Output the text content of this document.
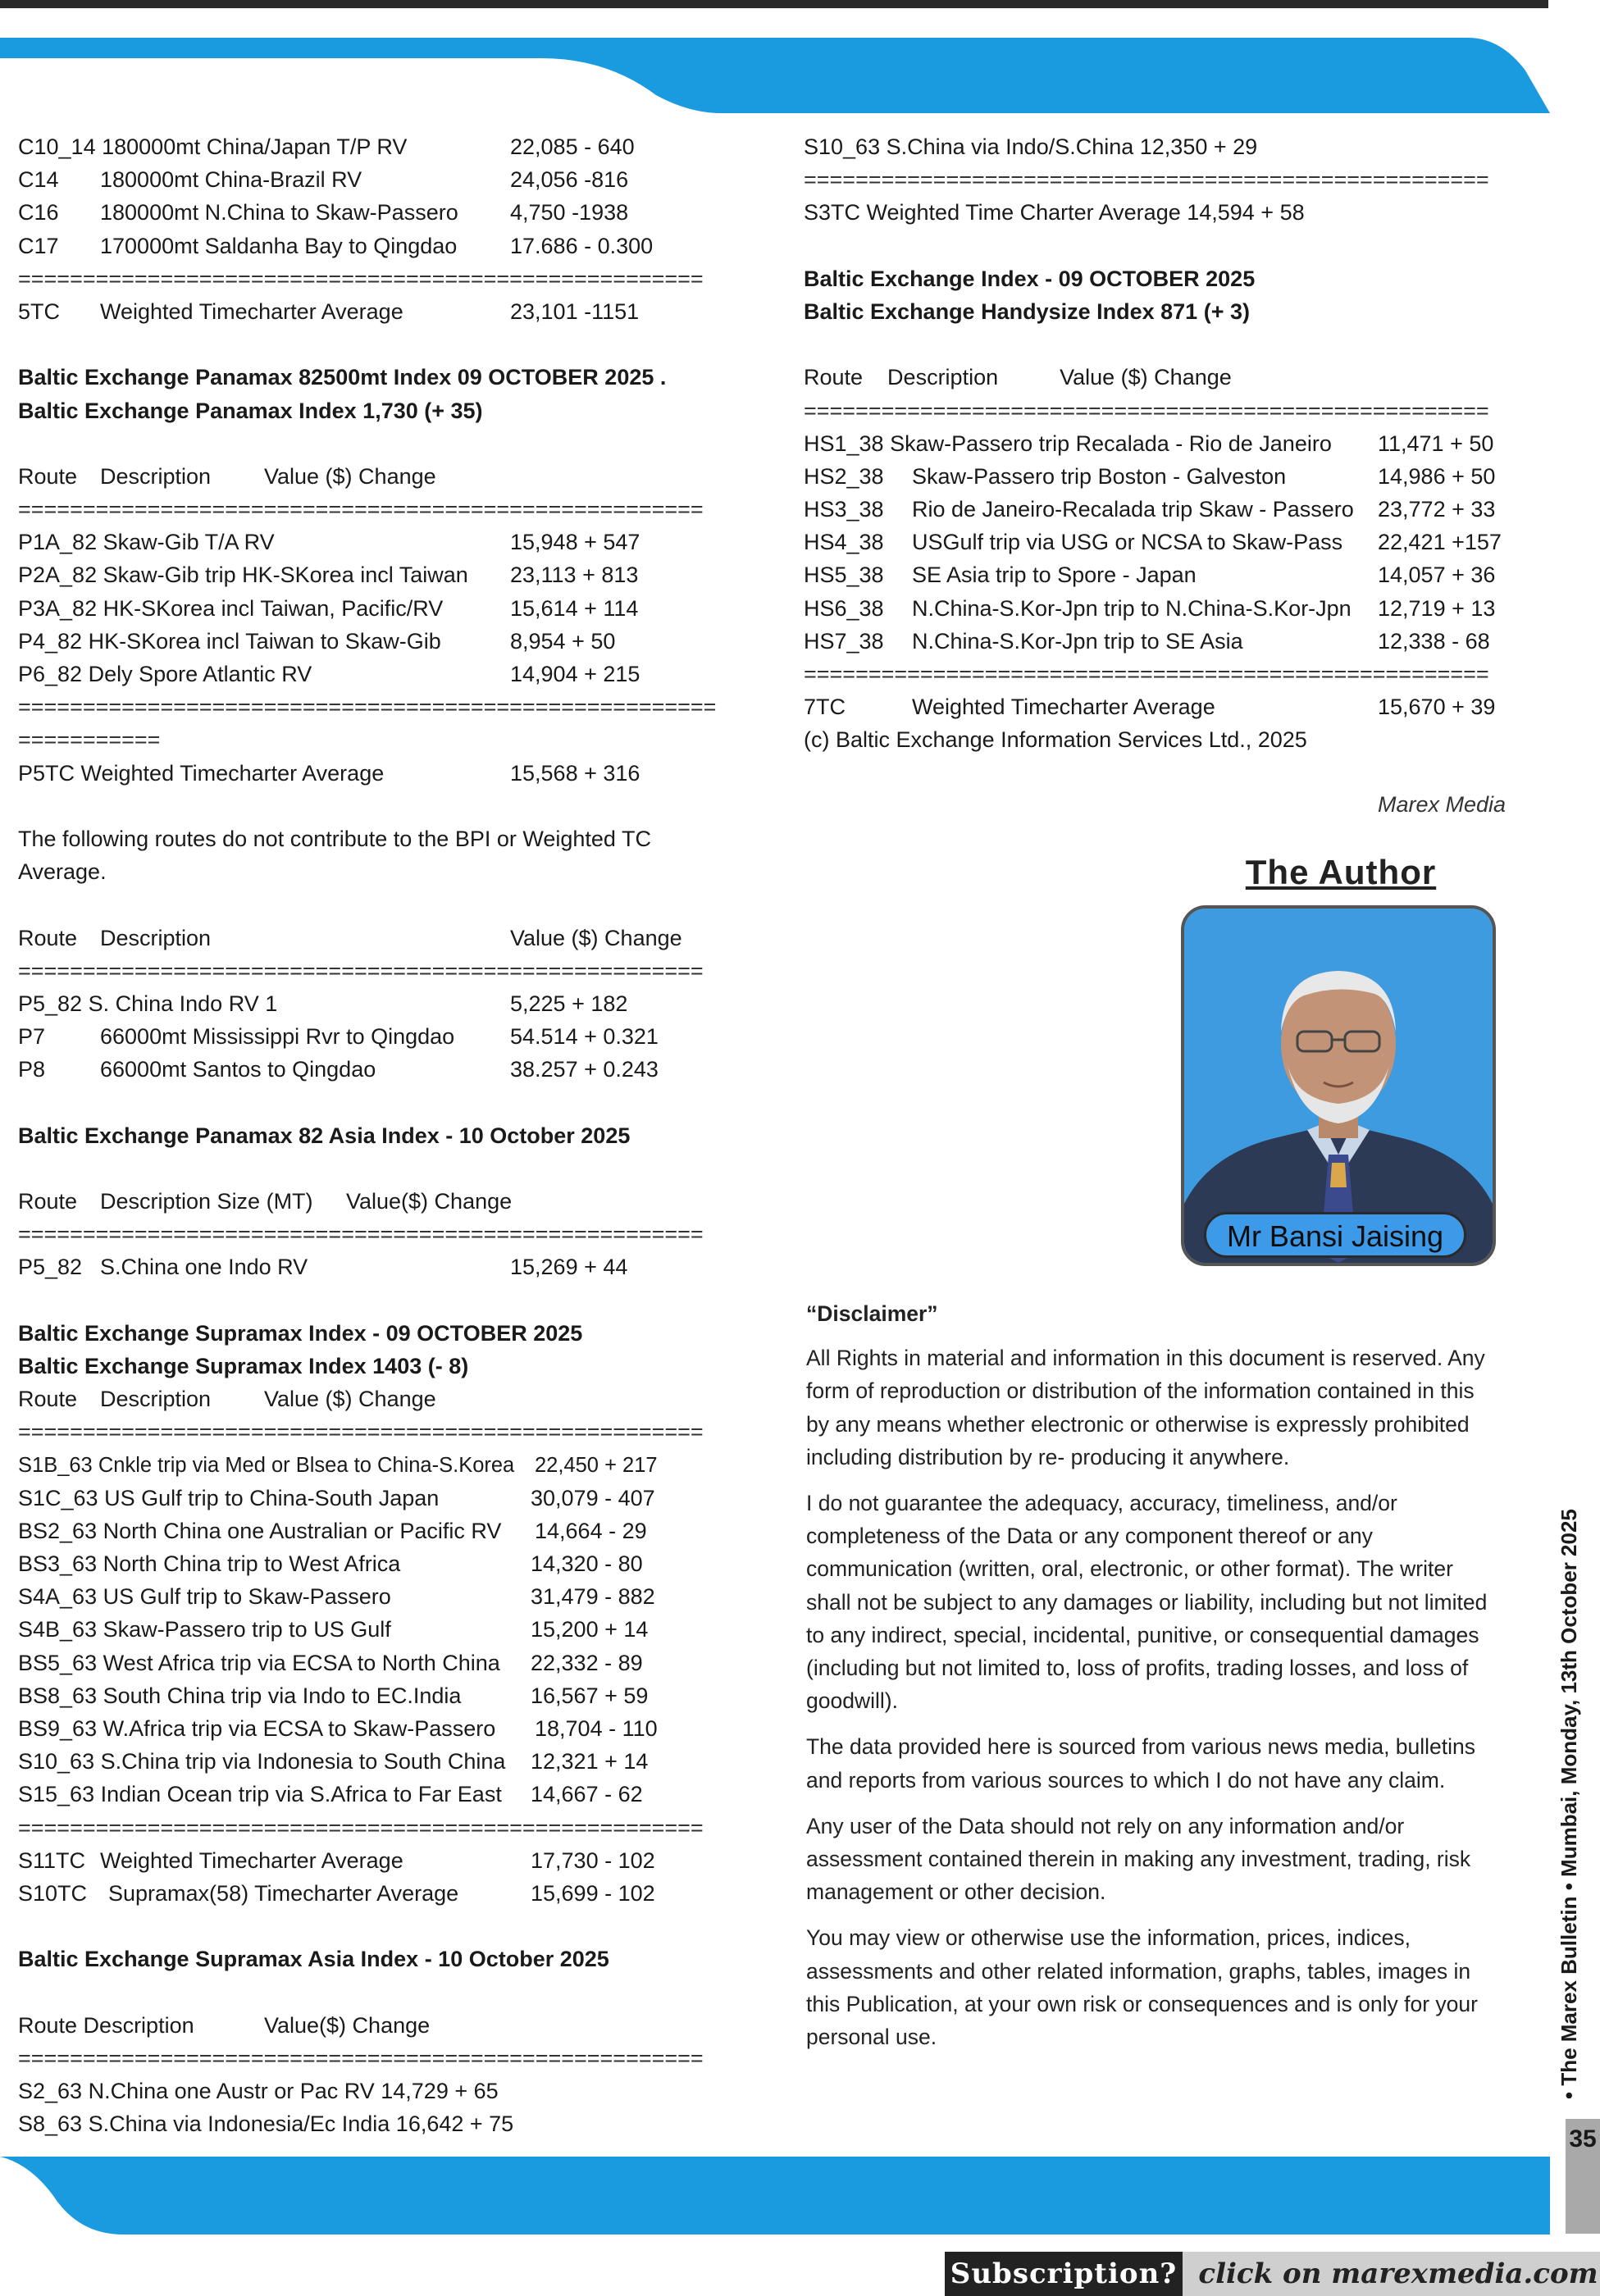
C10_14 180000mt China/Japan T/P RV	22,085 - 640
C14 180000mt China-Brazil RV	24,056 -816
C16 180000mt N.China to Skaw-Passero 4,750 -1938
C17 170000mt Saldanha Bay to Qingdao 17.686 - 0.300
=====================================================
5TC Weighted Timecharter Average	23,101 -1151
Baltic Exchange Panamax 82500mt Index 09 OCTOBER 2025 .
Baltic Exchange Panamax Index 1,730 (+ 35)
Route Description Value ($) Change
=====================================================
P1A_82 Skaw-Gib T/A RV	15,948 + 547
P2A_82 Skaw-Gib trip HK-SKorea incl Taiwan 23,113 + 813
P3A_82 HK-SKorea incl Taiwan, Pacific/RV	15,614 + 114
P4_82 HK-SKorea incl Taiwan to Skaw-Gib	8,954 + 50
P6_82 Dely Spore Atlantic RV	14,904 + 215
======================================================
===========
P5TC Weighted Timecharter Average	15,568 + 316
The following routes do not contribute to the BPI or Weighted TC
Average.
Route Description	Value ($) Change
=====================================================
P5_82 S. China Indo RV 1	5,225 + 182
P7 66000mt Mississippi Rvr to Qingdao	54.514 + 0.321
P8 66000mt Santos to Qingdao	38.257 + 0.243
Baltic Exchange Panamax 82 Asia Index - 10 October 2025
Route Description Size (MT) Value($) Change
=====================================================
P5_82 S.China one Indo RV	15,269 + 44
Baltic Exchange Supramax Index - 09 OCTOBER 2025
Baltic Exchange Supramax Index 1403 (- 8)
Route Description Value ($) Change
=====================================================
S1B_63 Cnkle trip via Med or Blsea to China-S.Korea 22,450 + 217
S1C_63 US Gulf trip to China-South Japan	30,079 - 407
BS2_63 North China one Australian or Pacific RV 14,664 - 29
BS3_63 North China trip to West Africa	14,320 - 80
S4A_63 US Gulf trip to Skaw-Passero	31,479 - 882
S4B_63 Skaw-Passero trip to US Gulf	15,200 + 14
BS5_63 West Africa trip via ECSA to North China 22,332 - 89
BS8_63 South China trip via Indo to EC.India	16,567 + 59
BS9_63 W.Africa trip via ECSA to Skaw-Passero 18,704 - 110
S10_63 S.China trip via Indonesia to South China 12,321 + 14
S15_63 Indian Ocean trip via S.Africa to Far East 14,667 - 62
=====================================================
S11TC Weighted Timecharter Average	17,730 - 102
S10TC Supramax(58) Timecharter Average	15,699 - 102
Baltic Exchange Supramax Asia Index - 10 October 2025
Route Description	Value($) Change
=====================================================
S2_63 N.China one Austr or Pac RV 14,729 + 65
S8_63 S.China via Indonesia/Ec India 16,642 + 75
S10_63 S.China via Indo/S.China 12,350 + 29
=====================================================
S3TC Weighted Time Charter Average 14,594 + 58
Baltic Exchange Index - 09 OCTOBER 2025
Baltic Exchange Handysize Index 871 (+ 3)
Route    Description          Value ($) Change
=====================================================
HS1_38 Skaw-Passero trip Recalada - Rio de Janeiro 11,471 + 50
HS2_38 Skaw-Passero trip Boston - Galveston	14,986 + 50
HS3_38 Rio de Janeiro-Recalada trip Skaw - Passero 23,772 + 33
HS4_38 USGulf trip via USG or NCSA to Skaw-Pass 22,421 +157
HS5_38 SE Asia trip to Spore - Japan	14,057 + 36
HS6_38 N.China-S.Kor-Jpn trip to N.China-S.Kor-Jpn 12,719 + 13
HS7_38 N.China-S.Kor-Jpn trip to SE Asia	12,338 - 68
=====================================================
7TC	Weighted Timecharter Average	15,670 + 39
(c) Baltic Exchange Information Services Ltd., 2025
Marex Media
The Author
Mr Bansi Jaising
“Disclaimer”

All Rights in material and information in this document is reserved. Any form of reproduction or distribution of the information contained in this by any means whether electronic or otherwise is expressly prohibited including distribution by re- producing it anywhere.

I do not guarantee the adequacy, accuracy, timeliness, and/or completeness of the Data or any component thereof or any communication (written, oral, electronic, or other format). The writer shall not be subject to any damages or liability, including but not limited to any indirect, special, incidental, punitive, or consequential damages (including but not limited to, loss of profits, trading losses, and loss of goodwill).

The data provided here is sourced from various news media, bulletins and reports from various sources to which I do not have any claim.

Any user of the Data should not rely on any information and/or assessment contained therein in making any investment, trading, risk management or other decision.

You may view or otherwise use the information, prices, indices, assessments and other related information, graphs, tables, images in this Publication, at your own risk or consequences and is only for your personal use.	• The Marex Bulletin • Mumbai, Monday, 13th October 2025
35
Subscription? click on marexmedia.com
